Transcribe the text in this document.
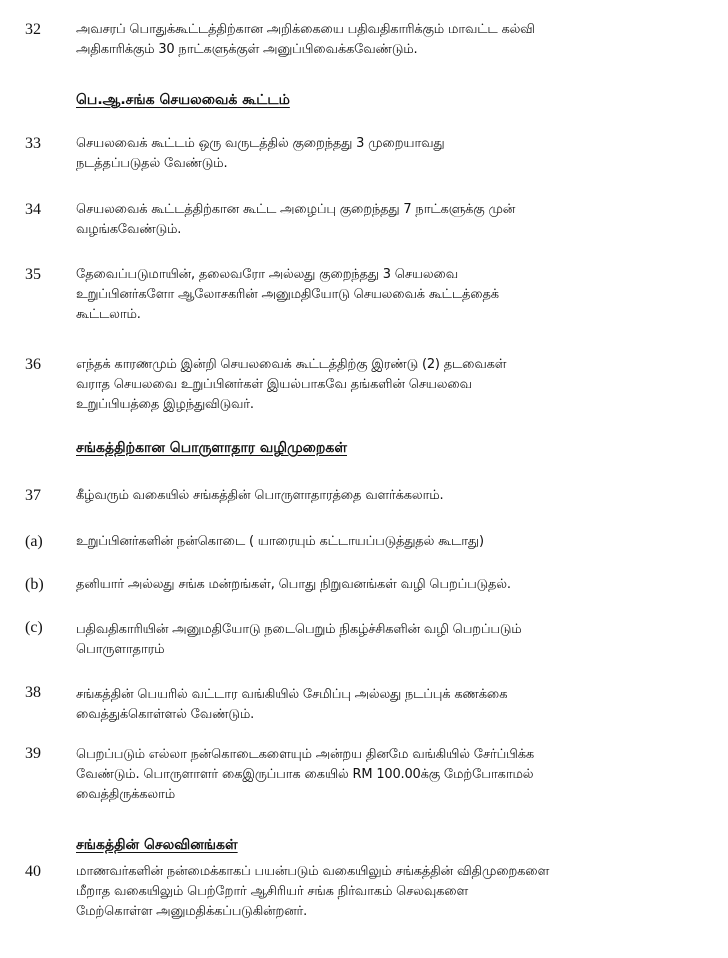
32	அவசரப் பொதுக்கூட்டத்திற்கான அறிக்கையை பதிவதிகாரிக்கும் மாவட்ட கல்வி
அதிகாரிக்கும் 30 நாட்களுக்குள் அனுப்பிவைக்கவேண்டும்.
பெ.ஆ.சங்க செயலவைக் கூட்டம்
33	செயலவைக் கூட்டம் ஒரு வருடத்தில் குறைந்தது 3 முறையாவது
நடத்தப்படுதல் வேண்டும்.
34	செயலவைக் கூட்டத்திற்கான கூட்ட அழைப்பு குறைந்தது 7 நாட்களுக்கு முன்
வழங்கவேண்டும்.
35	தேவைப்படுமாயின், தலைவரோ அல்லது குறைந்தது 3 செயலவை
உறுப்பினர்களோ ஆலோசகரின் அனுமதியோடு செயலவைக் கூட்டத்தைக்
கூட்டலாம்.
36	எந்தக் காரணமும் இன்றி செயலவைக் கூட்டத்திற்கு இரண்டு (2) தடவைகள்
வராத செயலவை உறுப்பினர்கள் இயல்பாகவே தங்களின் செயலவை
உறுப்பியத்தை இழந்துவிடுவர்.
சங்கத்திற்கான பொருளாதார வழிமுறைகள்
37	கீழ்வரும் வகையில் சங்கத்தின் பொருளாதாரத்தை வளர்க்கலாம்.
(a)	உறுப்பினர்களின் நன்கொடை ( யாரையும் கட்டாயப்படுத்துதல் கூடாது)
(b) தனியார் அல்லது சங்க மன்றங்கள், பொது நிறுவனங்கள் வழி பெறப்படுதல்.
(c)	பதிவதிகாரியின் அனுமதியோடு நடைபெறும் நிகழ்ச்சிகளின் வழி பெறப்படும்
பொருளாதாரம்
38	சங்கத்தின் பெயரில் வட்டார வங்கியில் சேமிப்பு அல்லது நடப்புக் கணக்கை
வைத்துக்கொள்ளல் வேண்டும்.
39	பெறப்படும் எல்லா நன்கொடைகளையும் அன்றய தினமே வங்கியில் சேர்ப்பிக்க
வேண்டும். பொருளாளர் கைஇருப்பாக கையில் RM 100.00க்கு மேற்போகாமல்
வைத்திருக்கலாம்
சங்கத்தின் செலவினங்கள்
40	மாணவர்களின் நன்மைக்காகப் பயன்படும் வகையிலும் சங்கத்தின் விதிமுறைகளை
மீறாத வகையிலும் பெற்றோர் ஆசிரியர் சங்க நிர்வாகம் செலவுகளை
மேற்கொள்ள அனுமதிக்கப்படுகின்றனர்.
